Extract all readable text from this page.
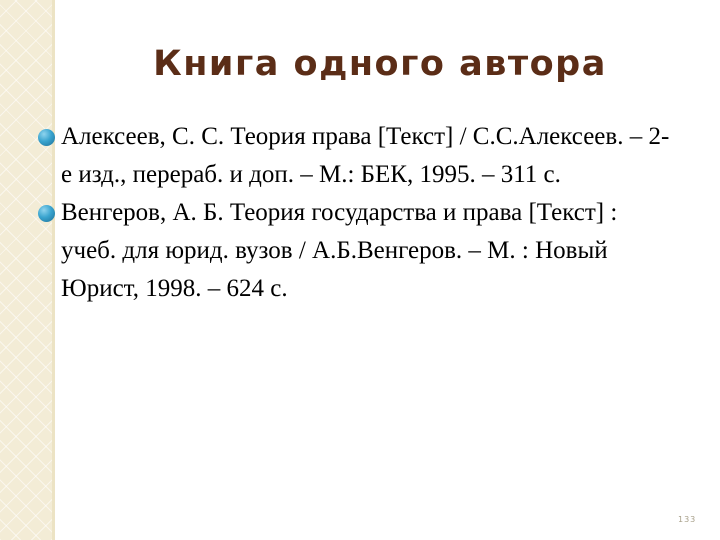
Книга одного автора
Алексеев, С. С. Теория права [Текст] / С.С.Алексеев. – 2-е изд., перераб. и доп. – М.: БЕК, 1995. – 311 с.
Венгеров, А. Б. Теория государства и права [Текст] : учеб. для юрид. вузов / А.Б.Венгеров. – М. : Новый Юрист, 1998. – 624 с.
133
